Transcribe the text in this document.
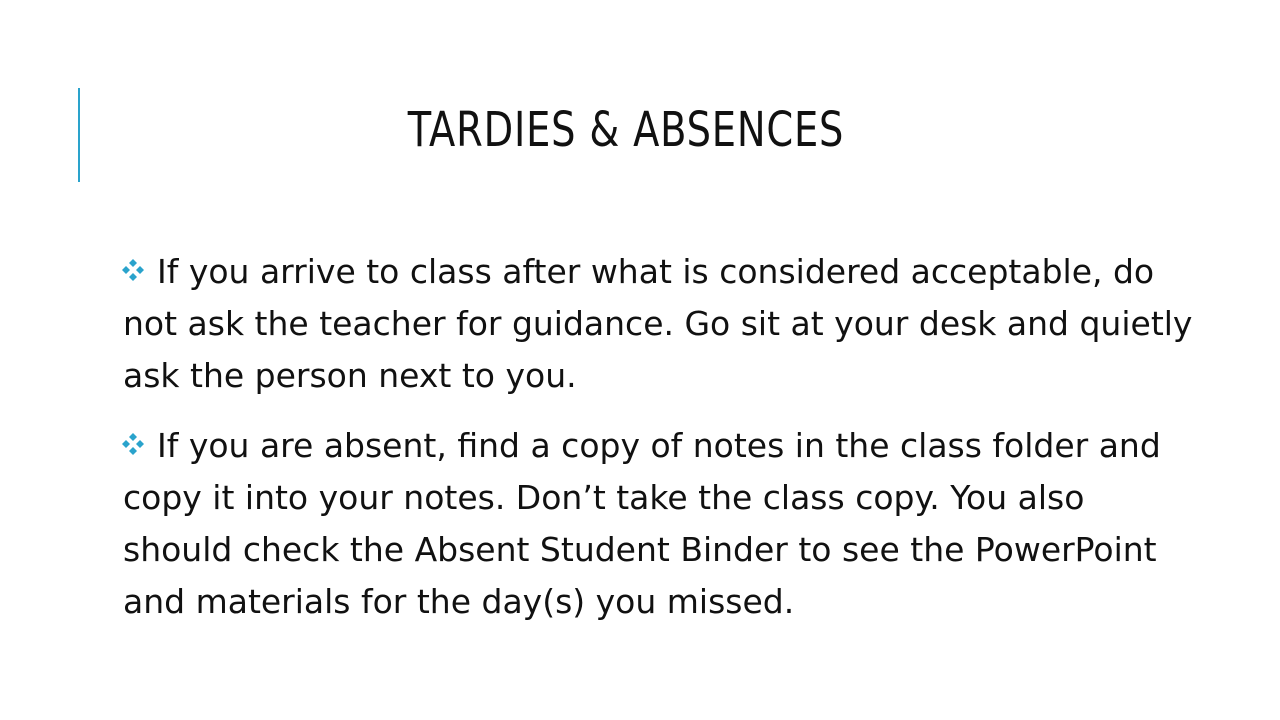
TARDIES & ABSENCES
If you arrive to class after what is considered acceptable, do not ask the teacher for guidance. Go sit at your desk and quietly ask the person next to you.
If you are absent, find a copy of notes in the class folder and copy it into your notes. Don’t take the class copy. You also should check the Absent Student Binder to see the PowerPoint and materials for the day(s) you missed.
